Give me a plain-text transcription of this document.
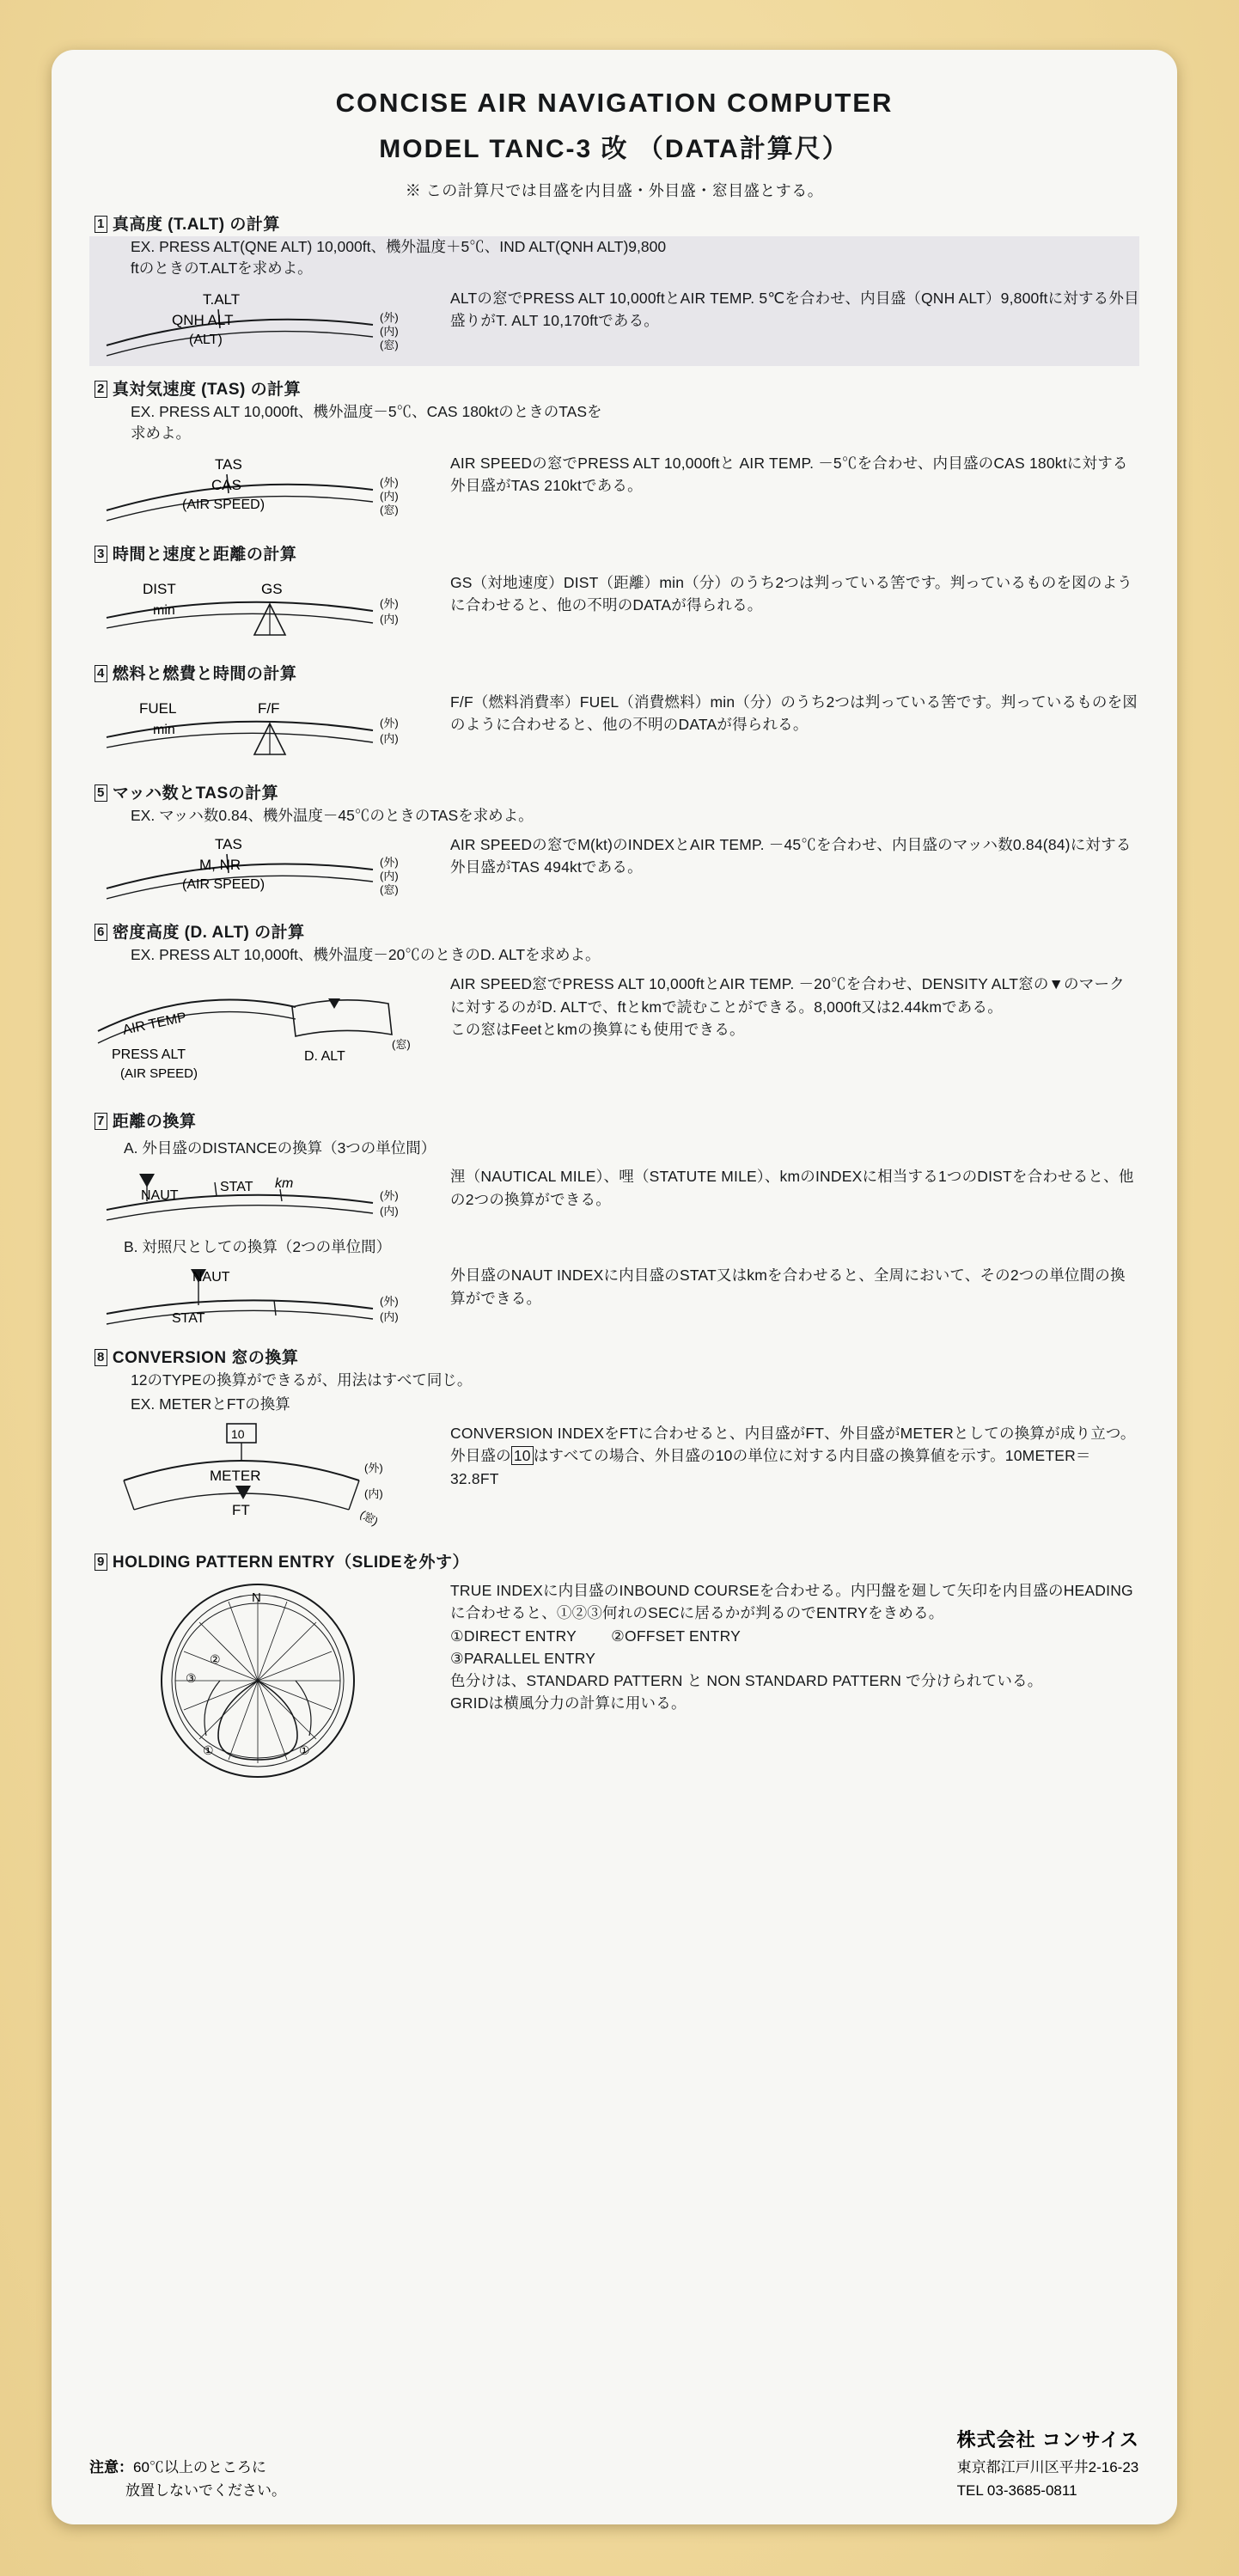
CONCISE AIR NAVIGATION COMPUTER
MODEL TANC-3 改 （DATA計算尺）
※ この計算尺では目盛を内目盛・外目盛・窓目盛とする。
1 真高度 (T.ALT) の計算
EX. PRESS ALT(QNE ALT) 10,000ft、機外温度＋5℃、IND ALT(QNH ALT)9,800
ftのときのT.ALTを求めよ。
T.ALT
QNH ALT
(ALT)
(外)
(内)
(窓)
ALTの窓でPRESS ALT 10,000ftとAIR TEMP. 5℃を合わせ、内目盛（QNH ALT）9,800ftに対する外目盛りがT. ALT 10,170ftである。
2 真対気速度 (TAS) の計算
EX. PRESS ALT 10,000ft、機外温度－5℃、CAS 180ktのときのTASを
求めよ。
TAS
CAS
(AIR SPEED)
(外)
(内)
(窓)
AIR SPEEDの窓でPRESS ALT 10,000ftと AIR TEMP. －5℃を合わせ、内目盛のCAS 180ktに対する外目盛がTAS 210ktである。
3 時間と速度と距離の計算
DIST
min
GS
(外)
(内)
GS（対地速度）DIST（距離）min（分）のうち2つは判っている筈です。判っているものを図のように合わせると、他の不明のDATAが得られる。
4 燃料と燃費と時間の計算
FUEL
min
F/F
(外)
(内)
F/F（燃料消費率）FUEL（消費燃料）min（分）のうち2つは判っている筈です。判っているものを図のように合わせると、他の不明のDATAが得られる。
5 マッハ数とTASの計算
EX. マッハ数0.84、機外温度－45℃のときのTASを求めよ。
TAS
M, NR
(AIR SPEED)
(外)
(内)
(窓)
AIR SPEEDの窓でM(kt)のINDEXとAIR TEMP. －45℃を合わせ、内目盛のマッハ数0.84(84)に対する外目盛がTAS 494ktである。
6 密度高度 (D. ALT) の計算
EX. PRESS ALT 10,000ft、機外温度－20℃のときのD. ALTを求めよ。
AIR TEMP
PRESS ALT
(AIR SPEED)
D. ALT
(窓)
AIR SPEED窓でPRESS ALT 10,000ftとAIR TEMP. －20℃を合わせ、DENSITY ALT窓の▼のマークに対するのがD. ALTで、ftとkmで読むことができる。8,000ft又は2.44kmである。
この窓はFeetとkmの換算にも使用できる。
7 距離の換算
A. 外目盛のDISTANCEの換算（3つの単位間）
NAUT
STAT km
(外)
(内)
浬（NAUTICAL MILE）、哩（STATUTE MILE）、kmのINDEXに相当する1つのDISTを合わせると、他の2つの換算ができる。
B. 対照尺としての換算（2つの単位間）
NAUT
STAT
(外)
(内)
外目盛のNAUT INDEXに内目盛のSTAT又はkmを合わせると、全周において、その2つの単位間の換算ができる。
8 CONVERSION 窓の換算
12のTYPEの換算ができるが、用法はすべて同じ。
EX. METERとFTの換算
10
METER
FT
(外)
(内)
(窓)
CONVERSION INDEXをFTに合わせると、内目盛がFT、外目盛がMETERとしての換算が成り立つ。外目盛の 10 はすべての場合、外目盛の10の単位に対する内目盛の換算値を示す。10METER＝32.8FT
9 HOLDING PATTERN ENTRY（SLIDEを外す）
N
②
③
①	①
TRUE INDEXに内目盛のINBOUND COURSEを合わせる。内円盤を廻して矢印を内目盛のHEADINGに合わせると、①②③何れのSECに居るかが判るのでENTRYをきめる。
①DIRECT ENTRY 　　②OFFSET ENTRY
③PARALLEL ENTRY
色分けは、STANDARD PATTERN と NON STANDARD PATTERN で分けられている。
GRIDは横風分力の計算に用いる。
注意：60℃以上のところに
放置しないでください。
株式会社 コンサイス
東京都江戸川区平井2-16-23
TEL 03-3685-0811
